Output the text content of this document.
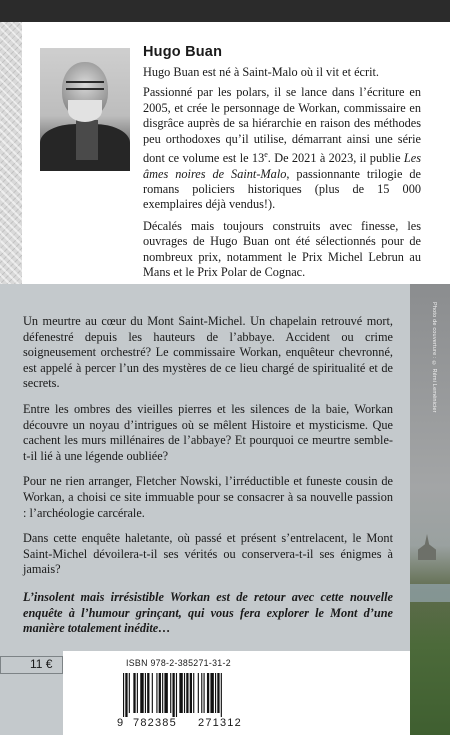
Hugo Buan

Hugo Buan est né à Saint-Malo où il vit et écrit.

Passionné par les polars, il se lance dans l’écriture en 2005, et crée le personnage de Workan, commissaire en disgrâce auprès de sa hiérarchie en raison des méthodes peu orthodoxes qu’il utilise, démarrant ainsi une série dont ce volume est le 13e. De 2021 à 2023, il publie Les âmes noires de Saint-Malo, passionnante trilogie de romans policiers historiques (plus de 15 000 exemplaires déjà vendus!).

Décalés mais toujours construits avec finesse, les ouvrages de Hugo Buan ont été sélectionnés pour de nombreux prix, notamment le Prix Michel Lebrun au Mans et le Prix Polar de Cognac.

Photo de couverture : © Rémi Leménicier

Un meurtre au cœur du Mont Saint-Michel. Un chapelain retrouvé mort, défenestré depuis les hauteurs de l’abbaye. Accident ou crime soigneusement orchestré? Le commissaire Workan, enquêteur chevronné, est appelé à percer l’un des mystères de ce lieu chargé de spiritualité et de secrets.

Entre les ombres des vieilles pierres et les silences de la baie, Workan découvre un noyau d’intrigues où se mêlent Histoire et mysticisme. Que cachent les murs millénaires de l’abbaye? Et pourquoi ce meurtre semble-t-il lié à une légende oubliée?

Pour ne rien arranger, Fletcher Nowski, l’irréductible et funeste cousin de Workan, a choisi ce site immuable pour se consacrer à sa nouvelle passion : l’archéologie carcérale.

Dans cette enquête haletante, où passé et présent s’entrelacent, le Mont Saint-Michel dévoilera-t-il ses vérités ou conservera-t-il ses énigmes à jamais?

L’insolent mais irrésistible Workan est de retour avec cette nouvelle enquête à l’humour grinçant, qui vous fera explorer le Mont d’une manière totalement inédite…

11 €	ISBN 978-2-385271-31-2
9 782385 271312
